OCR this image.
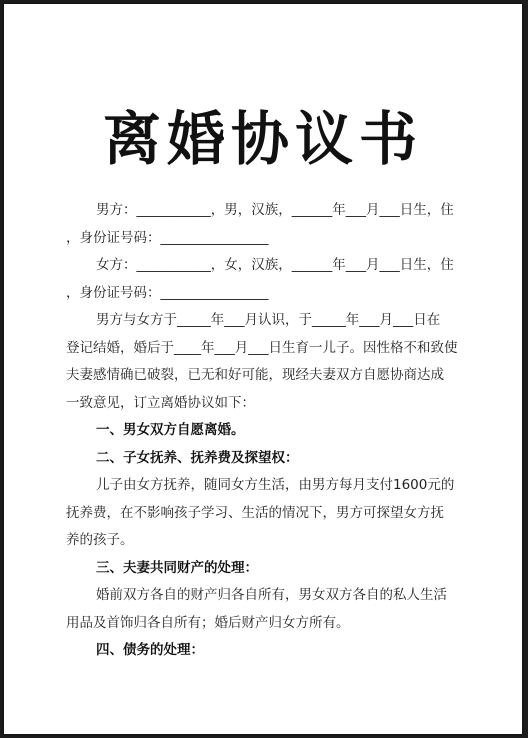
离婚协议书
男方：___________，男，汉族，______年___月___日生，住
，身份证号码：________________
女方：___________，女，汉族，______年___月___日生，住
，身份证号码：________________
男方与女方于_____年___月认识，于_____年___月___日在
登记结婚，婚后于____年___月___日生育一儿子。因性格不和致使
夫妻感情确已破裂，已无和好可能，现经夫妻双方自愿协商达成
一致意见，订立离婚协议如下：
一、男女双方自愿离婚。
二、子女抚养、抚养费及探望权：
儿子由女方抚养，随同女方生活，由男方每月支付1600元的
抚养费，在不影响孩子学习、生活的情况下，男方可探望女方抚
养的孩子。
三、夫妻共同财产的处理：
婚前双方各自的财产归各自所有，男女双方各自的私人生活
用品及首饰归各自所有；婚后财产归女方所有。
四、债务的处理：
